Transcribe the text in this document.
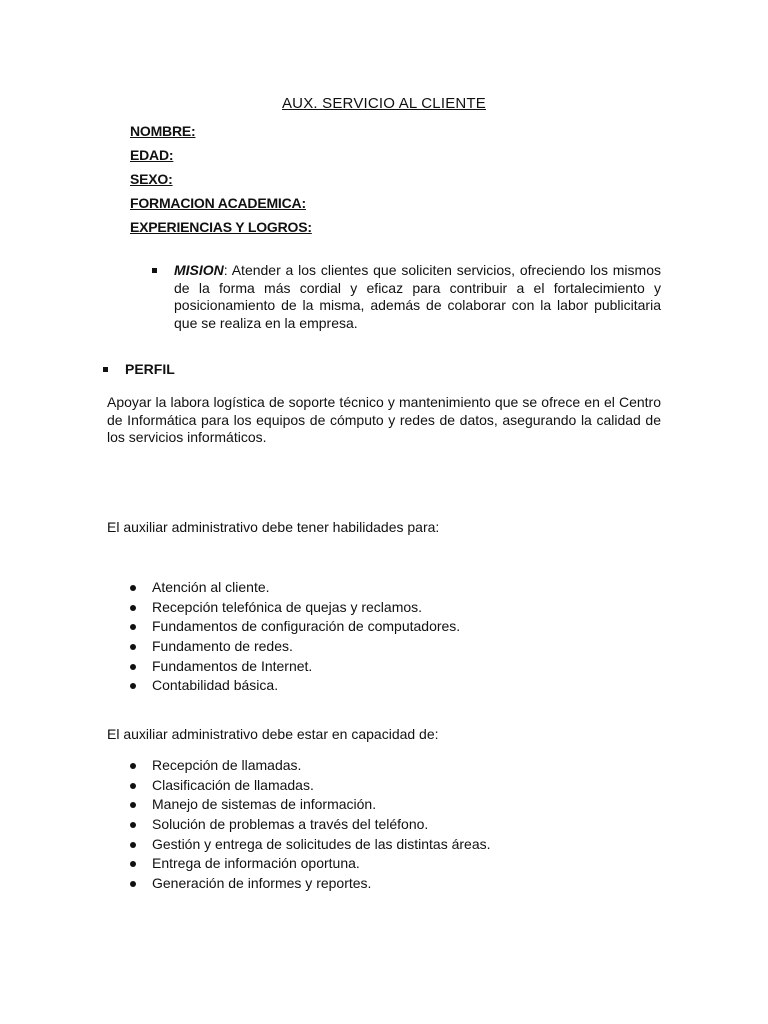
AUX. SERVICIO AL CLIENTE
NOMBRE:
EDAD:
SEXO:
FORMACION ACADEMICA:
EXPERIENCIAS Y LOGROS:
MISION: Atender a los clientes que soliciten servicios, ofreciendo los mismos de la forma más cordial y eficaz para contribuir a el fortalecimiento y posicionamiento de la misma, además de colaborar con la labor publicitaria que se realiza en la empresa.
PERFIL
Apoyar la labora logística de soporte técnico y mantenimiento que se ofrece en el Centro de Informática para los equipos de cómputo y redes de datos, asegurando la calidad de los servicios informáticos.
El auxiliar administrativo debe tener habilidades para:
Atención al cliente.
Recepción telefónica de quejas y reclamos.
Fundamentos de configuración de computadores.
Fundamento de redes.
Fundamentos de Internet.
Contabilidad básica.
El auxiliar administrativo debe estar en capacidad de:
Recepción de llamadas.
Clasificación de llamadas.
Manejo de sistemas de información.
Solución de problemas a través del teléfono.
Gestión y entrega de solicitudes de las distintas áreas.
Entrega de información oportuna.
Generación de informes y reportes.
